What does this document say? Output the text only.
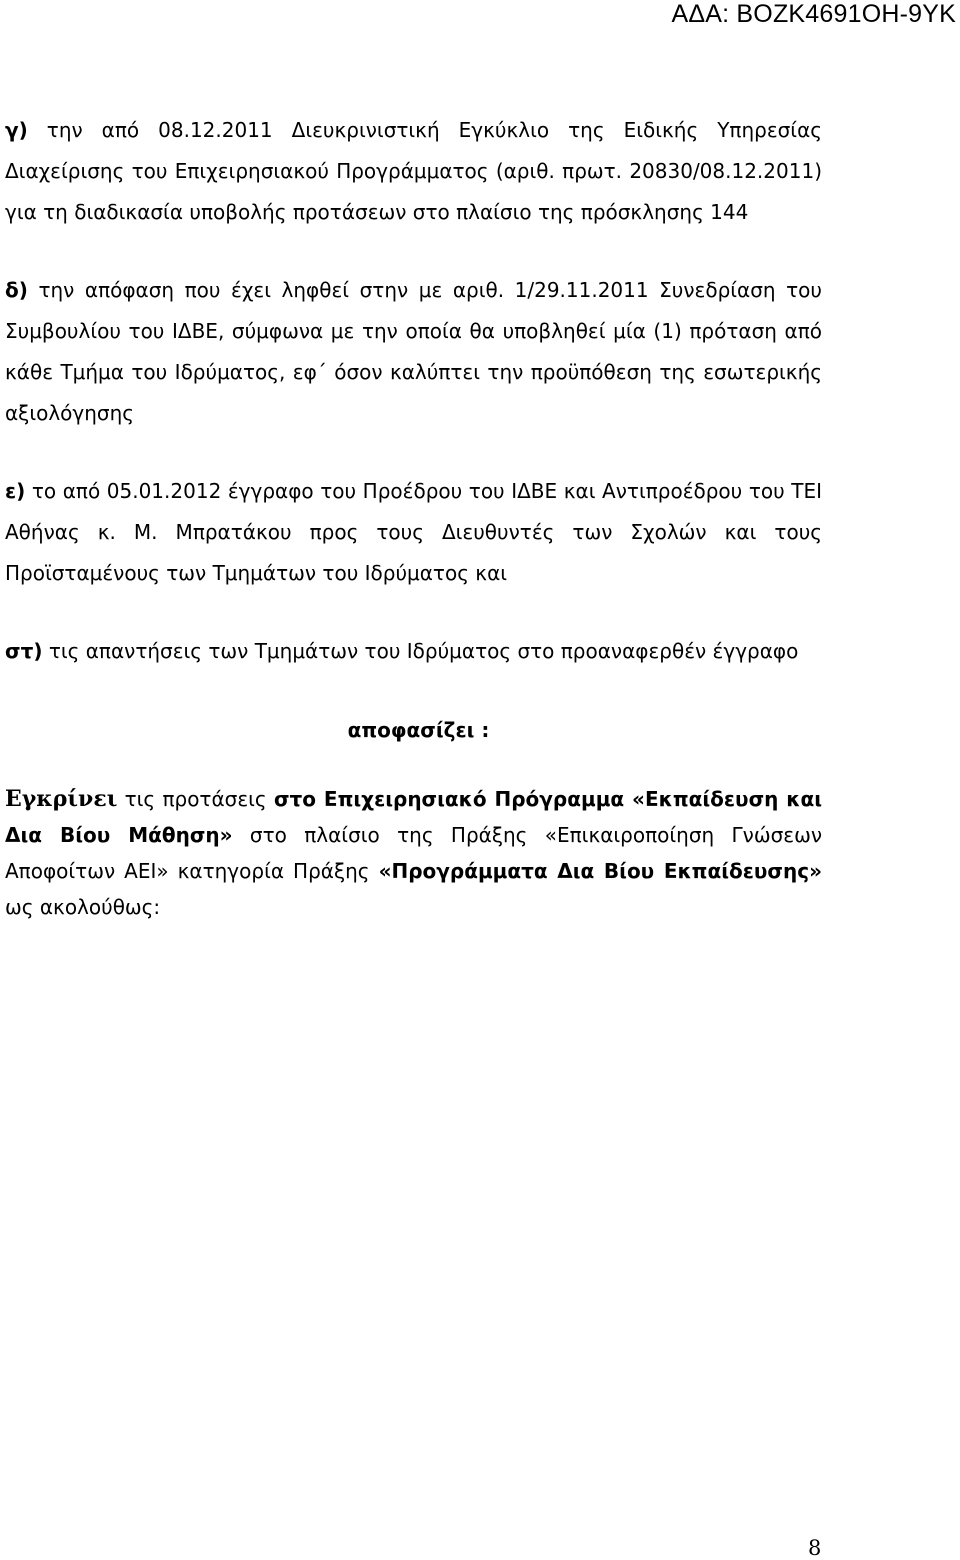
ΑΔΑ: ΒΟΖΚ4691ΟΗ-9ΥΚ

γ) την από 08.12.2011 Διευκρινιστική Εγκύκλιο της Ειδικής Υπηρεσίας Διαχείρισης του Επιχειρησιακού Προγράμματος (αριθ. πρωτ. 20830/08.12.2011) για τη διαδικασία υποβολής προτάσεων στο πλαίσιο της πρόσκλησης 144

δ) την απόφαση που έχει ληφθεί στην με αριθ. 1/29.11.2011 Συνεδρίαση του Συμβουλίου του ΙΔΒΕ, σύμφωνα με την οποία θα υποβληθεί μία (1) πρόταση από κάθε Τμήμα του Ιδρύματος, εφ΄ όσον καλύπτει την προϋπόθεση της εσωτερικής αξιολόγησης

ε) το από 05.01.2012 έγγραφο του Προέδρου του ΙΔΒΕ και Αντιπροέδρου του ΤΕΙ Αθήνας κ. Μ. Μπρατάκου προς τους Διευθυντές των Σχολών και τους Προϊσταμένους των Τμημάτων του Ιδρύματος και

στ) τις απαντήσεις των Τμημάτων του Ιδρύματος στο προαναφερθέν έγγραφο

αποφασίζει :
Εγκρίνει τις προτάσεις στο Επιχειρησιακό Πρόγραμμα «Εκπαίδευση και Δια Βίου Μάθηση» στο πλαίσιο της Πράξης «Επικαιροποίηση Γνώσεων Αποφοίτων ΑΕΙ» κατηγορία Πράξης «Προγράμματα Δια Βίου Εκπαίδευσης» ως ακολούθως:
8
